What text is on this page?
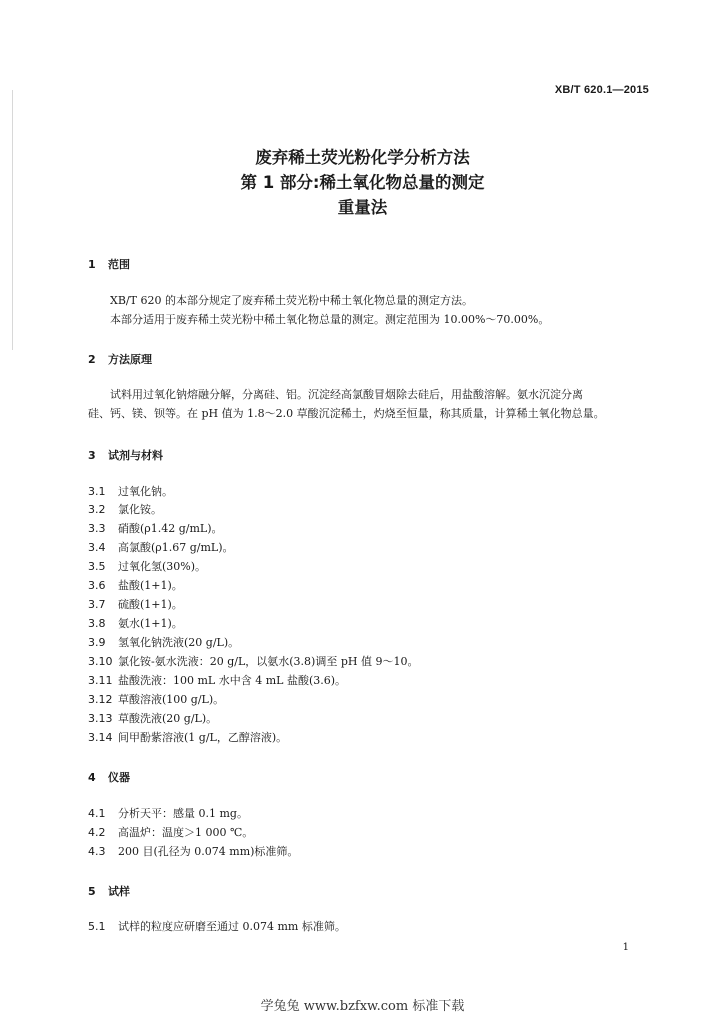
XB/T 620.1—2015
废弃稀土荧光粉化学分析方法
第 1 部分:稀土氧化物总量的测定
重量法
1 范围
XB/T 620 的本部分规定了废弃稀土荧光粉中稀土氧化物总量的测定方法。
本部分适用于废弃稀土荧光粉中稀土氧化物总量的测定。测定范围为 10.00%～70.00%。
2 方法原理
试料用过氧化钠熔融分解，分离硅、铝。沉淀经高氯酸冒烟除去硅后，用盐酸溶解。氨水沉淀分离
硅、钙、镁、钡等。在 pH 值为 1.8～2.0 草酸沉淀稀土，灼烧至恒量，称其质量，计算稀土氧化物总量。
3 试剂与材料
3.1 过氧化钠。
3.2 氯化铵。
3.3 硝酸(ρ1.42 g/mL)。
3.4 高氯酸(ρ1.67 g/mL)。
3.5 过氧化氢(30%)。
3.6 盐酸(1+1)。
3.7 硫酸(1+1)。
3.8 氨水(1+1)。
3.9 氢氧化钠洗液(20 g/L)。
3.10 氯化铵-氨水洗液：20 g/L，以氨水(3.8)调至 pH 值 9～10。
3.11 盐酸洗液：100 mL 水中含 4 mL 盐酸(3.6)。
3.12 草酸溶液(100 g/L)。
3.13 草酸洗液(20 g/L)。
3.14 间甲酚紫溶液(1 g/L，乙醇溶液)。
4 仪器
4.1 分析天平：感量 0.1 mg。
4.2 高温炉：温度＞1 000 ℃。
4.3 200 目(孔径为 0.074 mm)标准筛。
5 试样
5.1 试样的粒度应研磨至通过 0.074 mm 标准筛。
1
学兔兔 www.bzfxw.com 标准下载
